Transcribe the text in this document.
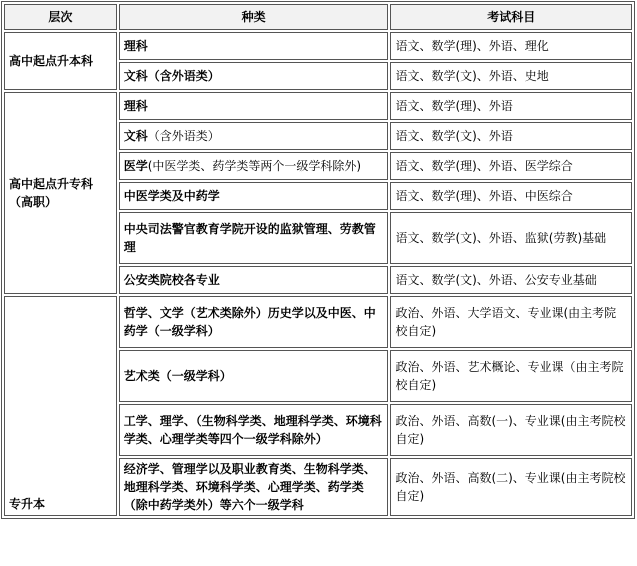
层次	种类	考试科目
高中起点升本科	理科	语文、数学(理)、外语、理化
	文科（含外语类）	语文、数学(文)、外语、史地
高中起点升专科（高职）	理科	语文、数学(理)、外语
	文科（含外语类）	语文、数学(文)、外语
	医学(中医学类、药学类等两个一级学科除外)	语文、数学(理)、外语、医学综合
	中医学类及中药学	语文、数学(理)、外语、中医综合
	中央司法警官教育学院开设的监狱管理、劳教管理	语文、数学(文)、外语、监狱(劳教)基础
	公安类院校各专业	语文、数学(文)、外语、公安专业基础
专升本	哲学、文学（艺术类除外）历史学以及中医、中药学（一级学科）	政治、外语、大学语文、专业课(由主考院校自定)
	艺术类（一级学科）	政治、外语、艺术概论、专业课（由主考院校自定)
	工学、理学、（生物科学类、地理科学类、环境科学类、心理学类等四个一级学科除外）	政治、外语、高数(一)、专业课(由主考院校自定)
	经济学、管理学以及职业教育类、生物科学类、地理科学类、环境科学类、心理学类、药学类（除中药学类外）等六个一级学科	政治、外语、高数(二)、专业课(由主考院校自定)
